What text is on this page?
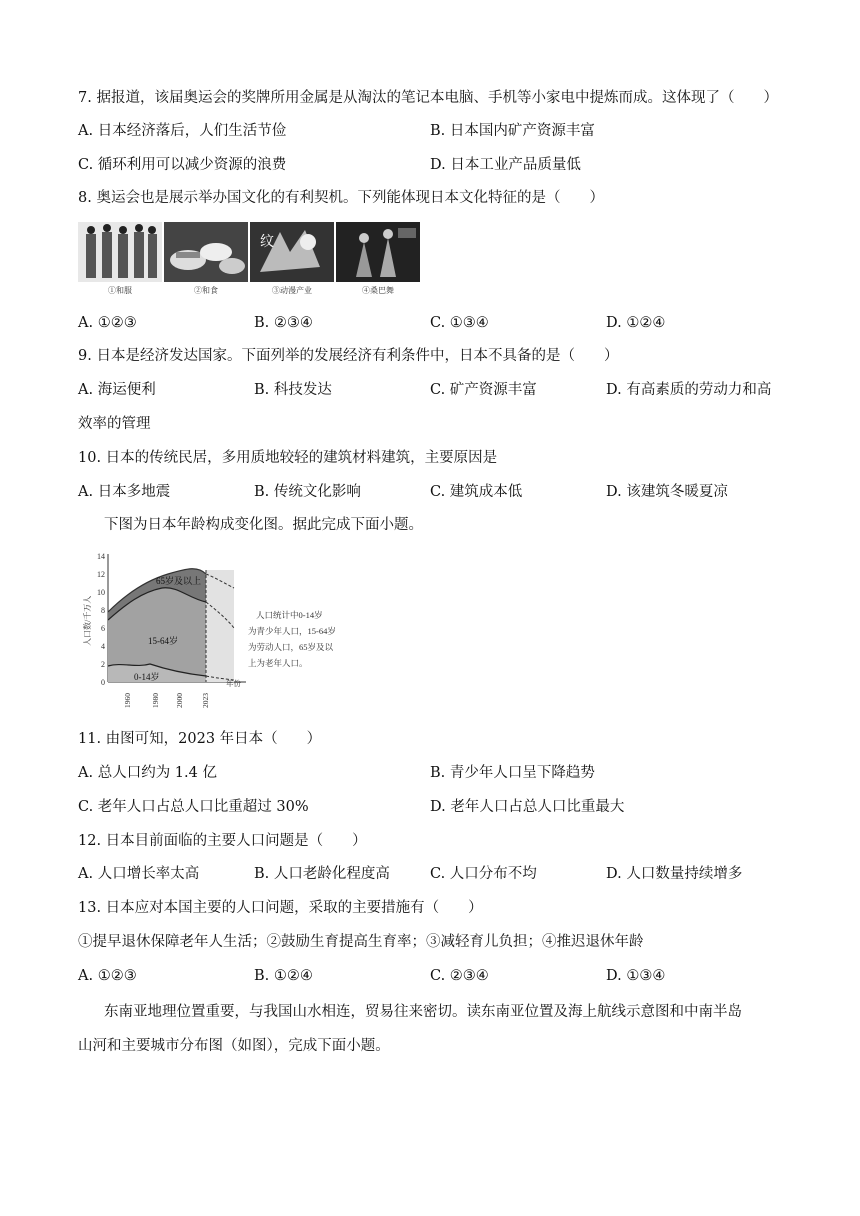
7. 据报道，该届奥运会的奖牌所用金属是从淘汰的笔记本电脑、手机等小家电中提炼而成。这体现了（　　）
A. 日本经济落后，人们生活节俭	B. 日本国内矿产资源丰富
C. 循环利用可以减少资源的浪费	D. 日本工业产品质量低
8. 奥运会也是展示举办国文化的有利契机。下列能体现日本文化特征的是（　　）
纹
①和服	②和食	③动漫产业	④桑巴舞
A. ①②③	B. ②③④	C. ①③④	D. ①②④
9. 日本是经济发达国家。下面列举的发展经济有利条件中，日本不具备的是（　　）
A. 海运便利	B. 科技发达	C. 矿产资源丰富	D. 有高素质的劳动力和高
效率的管理
10. 日本的传统民居，多用质地较轻的建筑材料建筑，主要原因是
A. 日本多地震	B. 传统文化影响	C. 建筑成本低	D. 该建筑冬暖夏凉
下图为日本年龄构成变化图。据此完成下面小题。
0
2
4
6
8
10
12
14
人口数/千万人
1960	1980 2000 2023
年份
65岁及以上
15-64岁
0-14岁
人口统计中0-14岁
为青少年人口，15-64岁
为劳动人口，65岁及以
上为老年人口。
11. 由图可知，2023 年日本（　　）
A. 总人口约为 1.4 亿	B. 青少年人口呈下降趋势
C. 老年人口占总人口比重超过 30%	D. 老年人口占总人口比重最大
12. 日本目前面临的主要人口问题是（　　）
A. 人口增长率太高	B. 人口老龄化程度高	C. 人口分布不均	D. 人口数量持续增多
13. 日本应对本国主要的人口问题，采取的主要措施有（　　）
①提早退休保障老年人生活；②鼓励生育提高生育率；③减轻育儿负担；④推迟退休年龄
A. ①②③	B. ①②④	C. ②③④	D. ①③④
东南亚地理位置重要，与我国山水相连，贸易往来密切。读东南亚位置及海上航线示意图和中南半岛
山河和主要城市分布图（如图），完成下面小题。
